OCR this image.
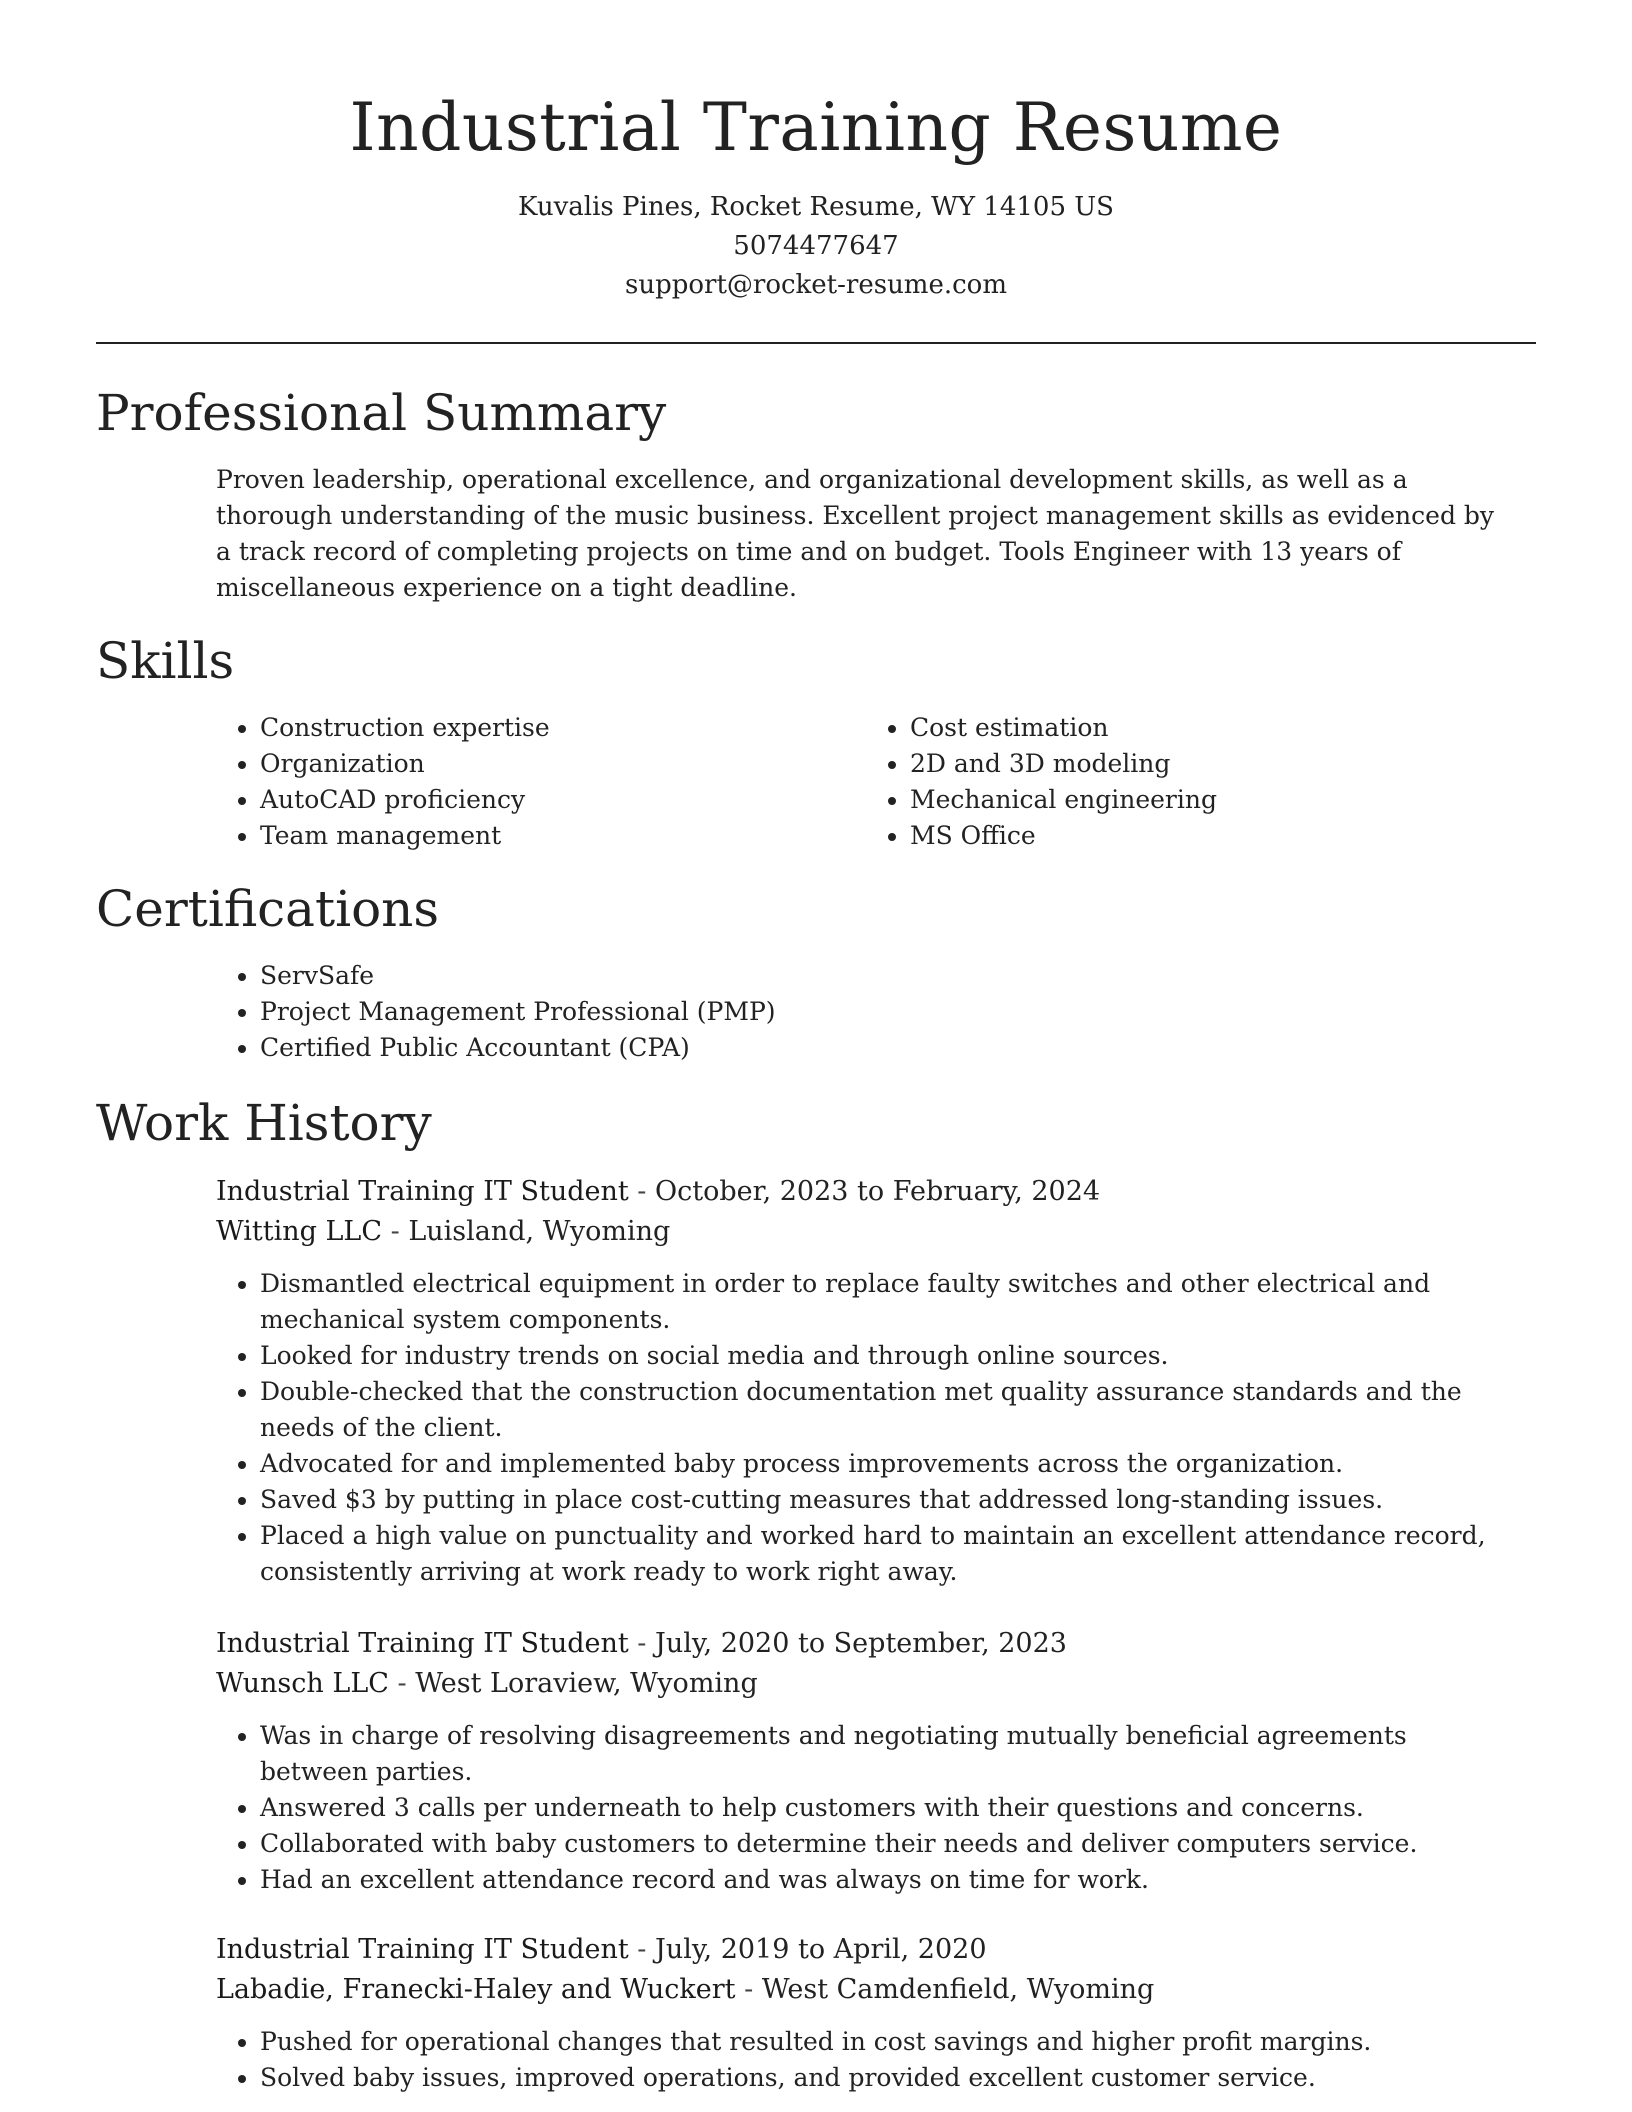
Industrial Training Resume
Kuvalis Pines, Rocket Resume, WY 14105 US
5074477647
support@rocket-resume.com
Professional Summary
Proven leadership, operational excellence, and organizational development skills, as well as a thorough understanding of the music business. Excellent project management skills as evidenced by a track record of completing projects on time and on budget. Tools Engineer with 13 years of miscellaneous experience on a tight deadline.
Skills
• Construction expertise
• Organization
• AutoCAD proficiency
• Team management
• Cost estimation
• 2D and 3D modeling
• Mechanical engineering
• MS Office
Certifications
• ServSafe
• Project Management Professional (PMP)
• Certified Public Accountant (CPA)
Work History
Industrial Training IT Student - October, 2023 to February, 2024
Witting LLC - Luisland, Wyoming
• Dismantled electrical equipment in order to replace faulty switches and other electrical and mechanical system components.
• Looked for industry trends on social media and through online sources.
• Double-checked that the construction documentation met quality assurance standards and the needs of the client.
• Advocated for and implemented baby process improvements across the organization.
• Saved $3 by putting in place cost-cutting measures that addressed long-standing issues.
• Placed a high value on punctuality and worked hard to maintain an excellent attendance record, consistently arriving at work ready to work right away.
Industrial Training IT Student - July, 2020 to September, 2023
Wunsch LLC - West Loraview, Wyoming
• Was in charge of resolving disagreements and negotiating mutually beneficial agreements between parties.
• Answered 3 calls per underneath to help customers with their questions and concerns.
• Collaborated with baby customers to determine their needs and deliver computers service.
• Had an excellent attendance record and was always on time for work.
Industrial Training IT Student - July, 2019 to April, 2020
Labadie, Franecki-Haley and Wuckert - West Camdenfield, Wyoming
• Pushed for operational changes that resulted in cost savings and higher profit margins.
• Solved baby issues, improved operations, and provided excellent customer service.
